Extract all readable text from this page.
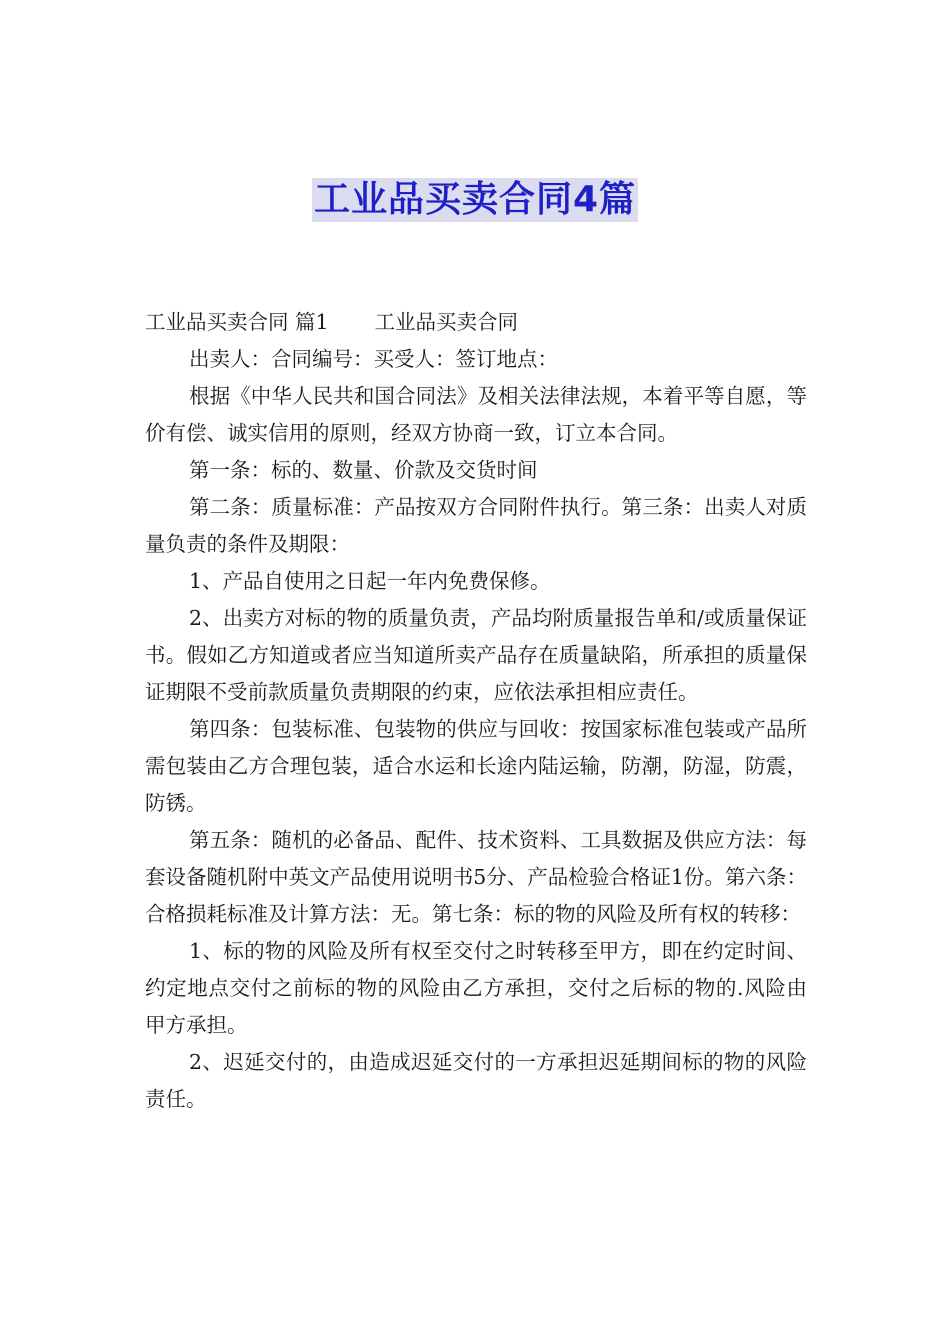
工业品买卖合同4篇

工业品买卖合同 篇1 工业品买卖合同

出卖人：合同编号：买受人：签订地点：

根据《中华人民共和国合同法》及相关法律法规，本着平等自愿，等价有偿、诚实信用的原则，经双方协商一致，订立本合同。

第一条：标的、数量、价款及交货时间

第二条：质量标准：产品按双方合同附件执行。第三条：出卖人对质量负责的条件及期限：

1、产品自使用之日起一年内免费保修。

2、出卖方对标的物的质量负责，产品均附质量报告单和/或质量保证书。假如乙方知道或者应当知道所卖产品存在质量缺陷，所承担的质量保证期限不受前款质量负责期限的约束，应依法承担相应责任。

第四条：包装标准、包装物的供应与回收：按国家标准包装或产品所需包装由乙方合理包装，适合水运和长途内陆运输，防潮，防湿，防震，防锈。

第五条：随机的必备品、配件、技术资料、工具数据及供应方法：每套设备随机附中英文产品使用说明书5分、产品检验合格证1份。第六条：合格损耗标准及计算方法：无。第七条：标的物的风险及所有权的转移：

1、标的物的风险及所有权至交付之时转移至甲方，即在约定时间、约定地点交付之前标的物的风险由乙方承担，交付之后标的物的.风险由甲方承担。

2、迟延交付的，由造成迟延交付的一方承担迟延期间标的物的风险责任。
